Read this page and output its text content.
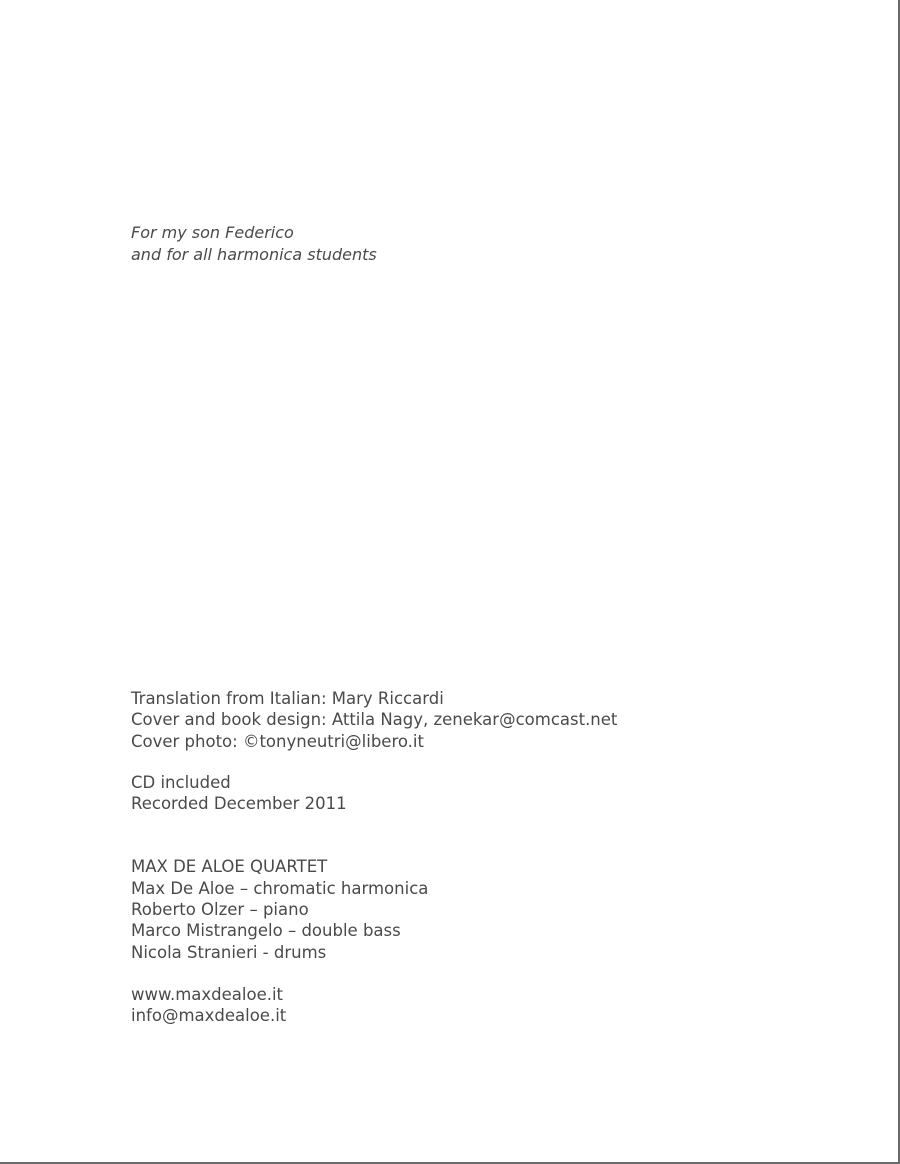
For my son Federico
and for all harmonica students
Translation from Italian: Mary Riccardi
Cover and book design: Attila Nagy, zenekar@comcast.net
Cover photo: ©tonyneutri@libero.it
CD included
Recorded December 2011
MAX DE ALOE QUARTET
Max De Aloe – chromatic harmonica
Roberto Olzer – piano
Marco Mistrangelo – double bass
Nicola Stranieri - drums
www.maxdealoe.it
info@maxdealoe.it
